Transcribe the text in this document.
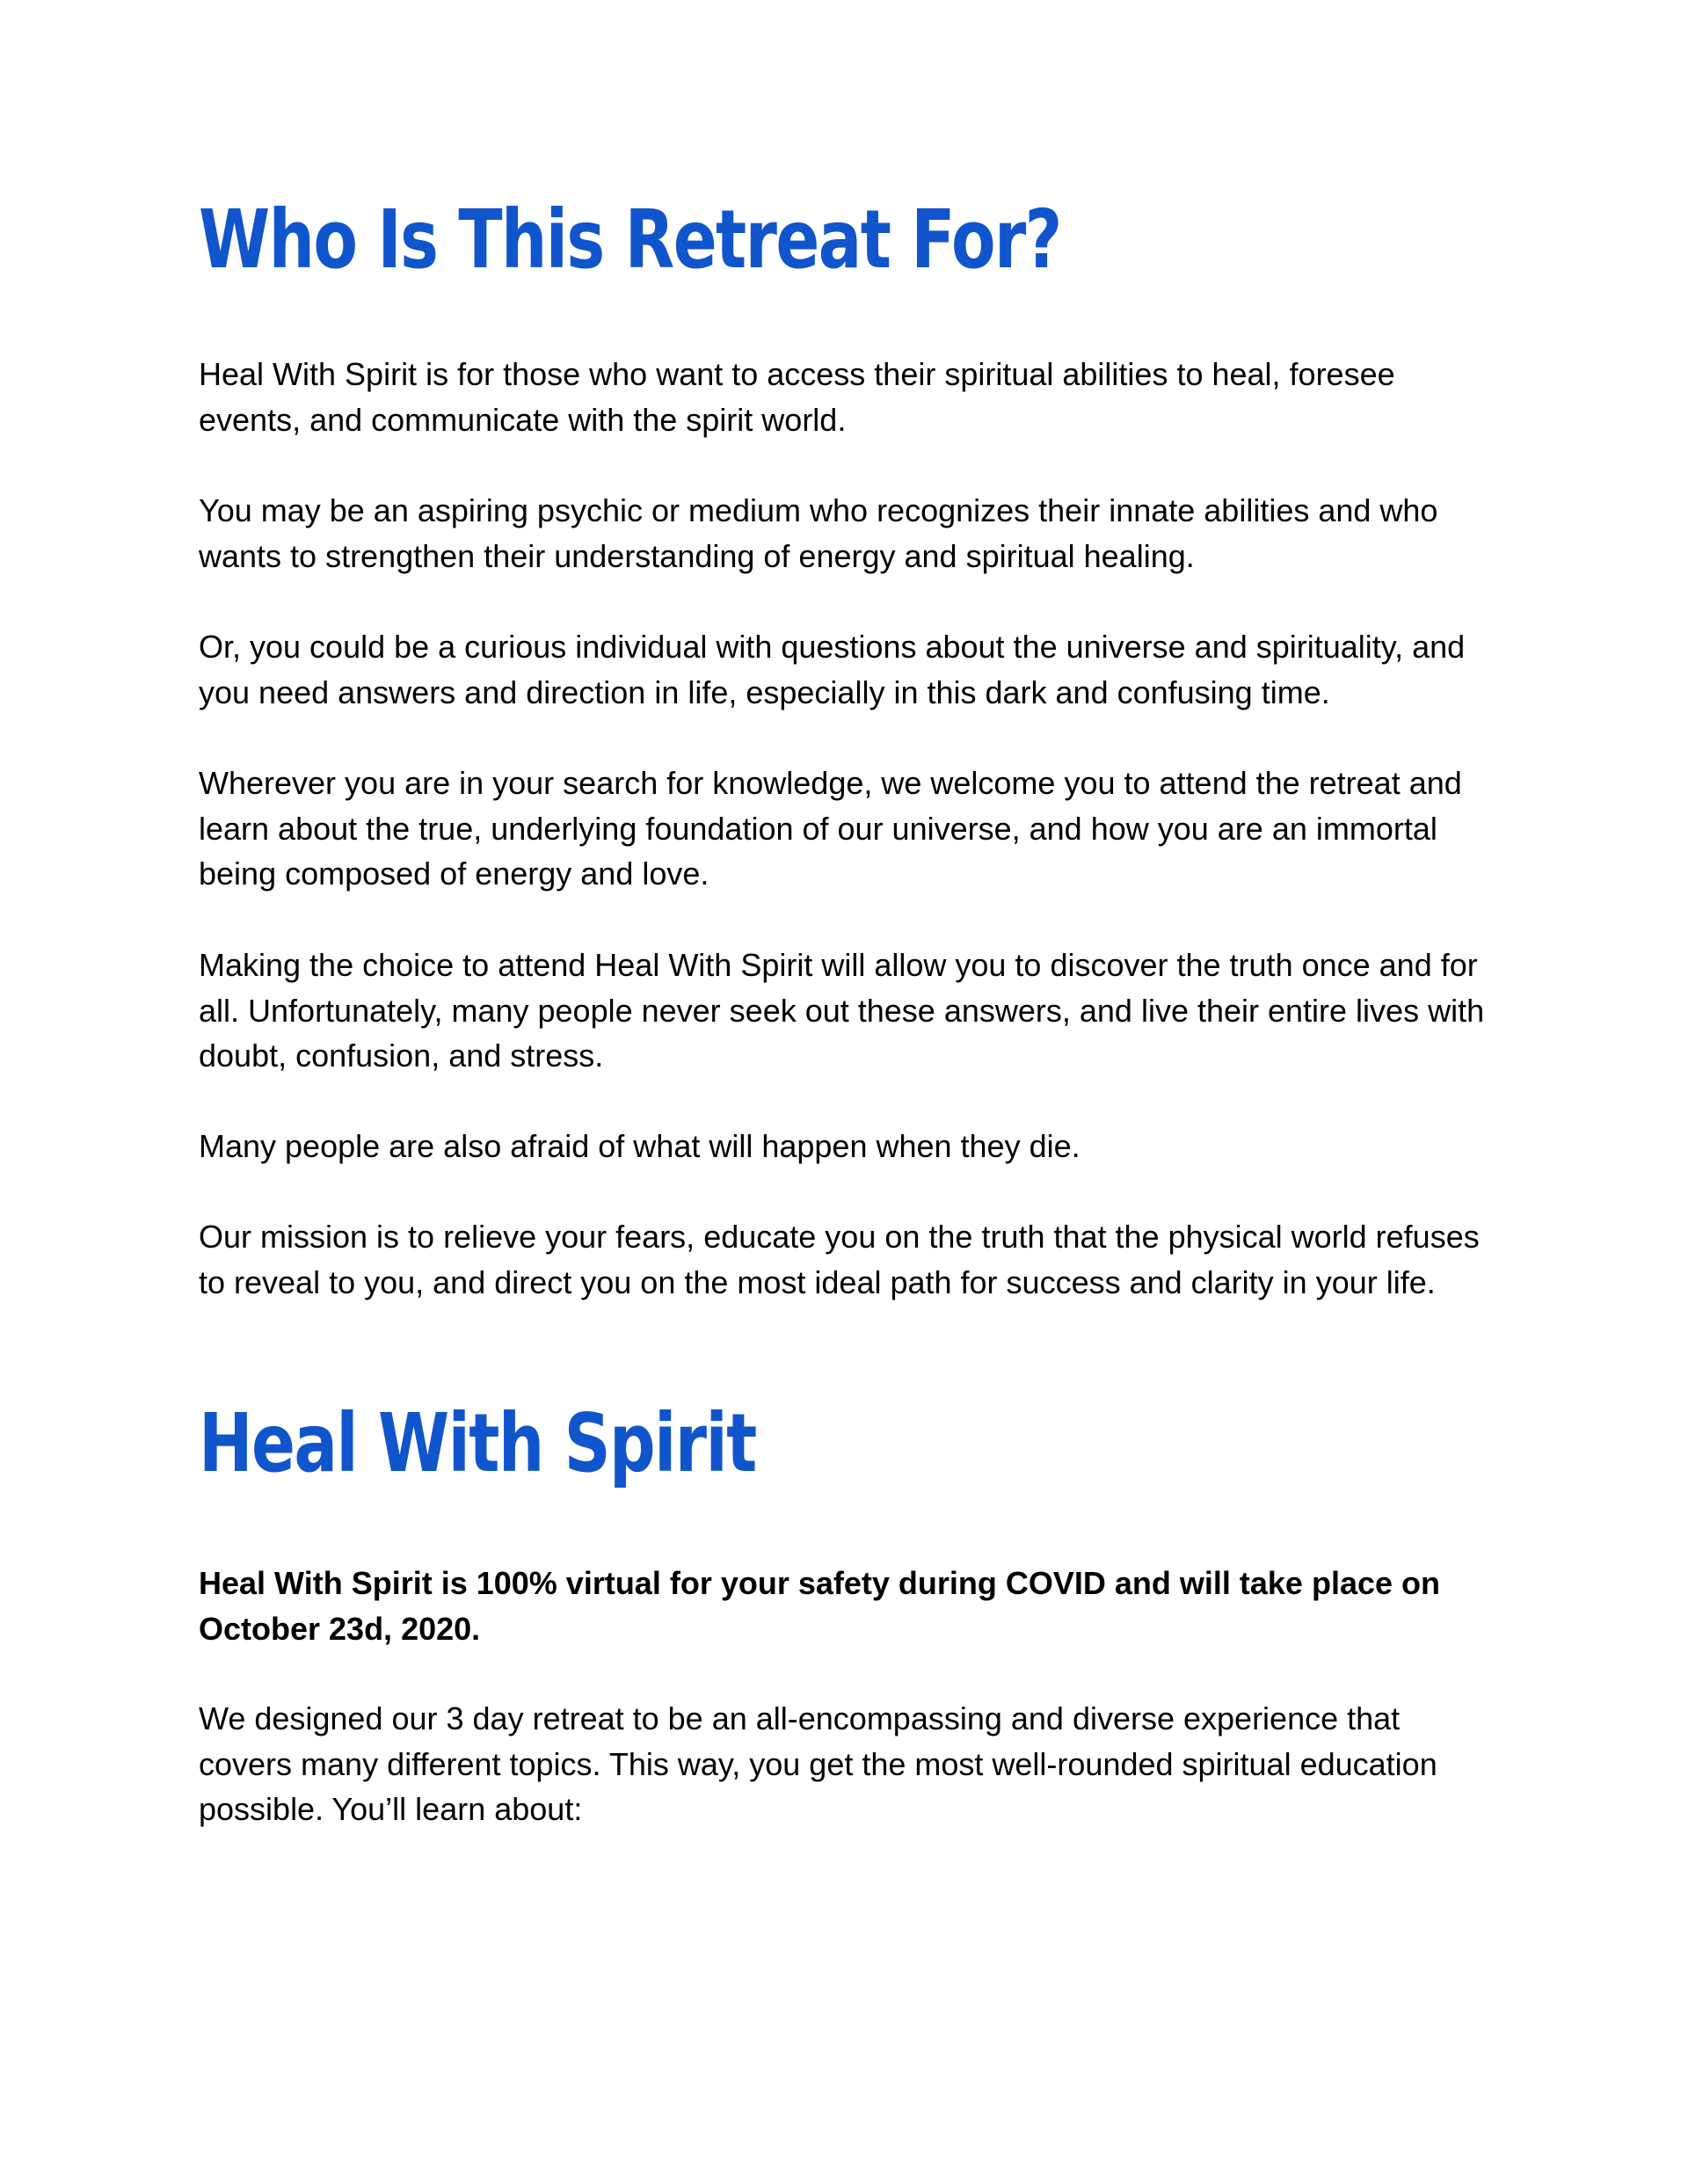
Who Is This Retreat For?

Heal With Spirit is for those who want to access their spiritual abilities to heal, foresee events, and communicate with the spirit world.

You may be an aspiring psychic or medium who recognizes their innate abilities and who wants to strengthen their understanding of energy and spiritual healing.

Or, you could be a curious individual with questions about the universe and spirituality, and you need answers and direction in life, especially in this dark and confusing time.

Wherever you are in your search for knowledge, we welcome you to attend the retreat and learn about the true, underlying foundation of our universe, and how you are an immortal being composed of energy and love.

Making the choice to attend Heal With Spirit will allow you to discover the truth once and for all. Unfortunately, many people never seek out these answers, and live their entire lives with doubt, confusion, and stress.

Many people are also afraid of what will happen when they die.

Our mission is to relieve your fears, educate you on the truth that the physical world refuses to reveal to you, and direct you on the most ideal path for success and clarity in your life.

Heal With Spirit

Heal With Spirit is 100% virtual for your safety during COVID and will take place on October 23d, 2020.

We designed our 3 day retreat to be an all-encompassing and diverse experience that covers many different topics. This way, you get the most well-rounded spiritual education possible. You’ll learn about:
